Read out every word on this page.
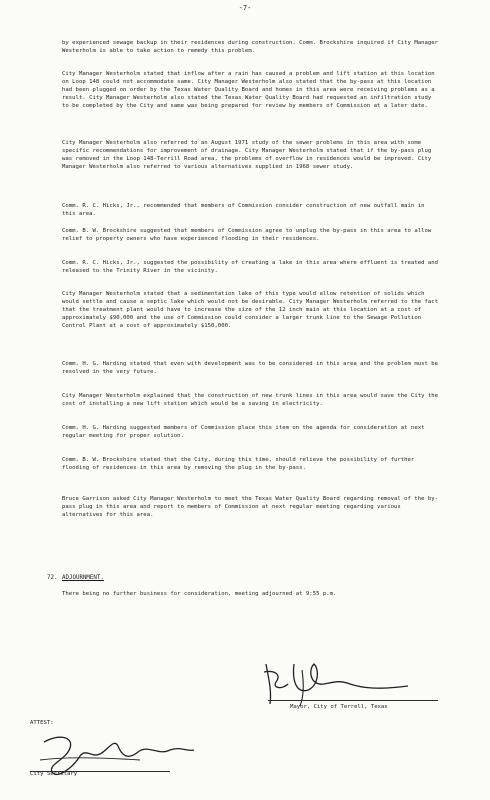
-7-

by experienced sewage backup in their residences during construction. Comm. Brockshire inquired if City Manager Westerholm is able to take action to remedy this problem.

City Manager Westerholm stated that inflow after a rain has caused a problem and lift station at this location on Loop 148 could not accommodate same. City Manager Westerholm also stated that the by-pass at this location had been plugged on order by the Texas Water Quality Board and homes in this area were receiving problems as a result. City Manager Westerholm also stated the Texas Water Quality Board had requested an infiltration study to be completed by the City and same was being prepared for review by members of Commission at a later date.

City Manager Westerholm also referred to an August 1971 study of the sewer problems in this area with some specific recommendations for improvement of drainage. City Manager Westerholm stated that if the by-pass plug was removed in the Loop 148-Terrill Road area, the problems of overflow in residences would be improved. City Manager Westerholm also referred to various alternatives supplied in 1968 sewer study.

Comm. R. C. Hicks, Jr., recommended that members of Commission consider construction of new outfall main in this area.

Comm. B. W. Brockshire suggested that members of Commission agree to unplug the by-pass in this area to allow relief to property owners who have experienced flooding in their residences.

Comm. R. C. Hicks, Jr., suggested the possibility of creating a lake in this area where effluent is treated and released to the Trinity River in the vicinity.

City Manager Westerholm stated that a sedimentation lake of this type would allow retention of solids which would settle and cause a septic lake which would not be desirable. City Manager Westerholm referred to the fact that the treatment plant would have to increase the size of the 12 inch main at this location at a cost of approximately $90,000 and the use of Commission could consider a larger trunk line to the Sewage Pollution Control Plant at a cost of approximately $150,000.

Comm. H. G. Harding stated that even with development was to be considered in this area and the problem must be resolved in the very future.

City Manager Westerholm explained that the construction of new trunk lines in this area would save the City the cost of installing a new lift station which would be a saving in electricity.

Comm. H. G. Harding suggested members of Commission place this item on the agenda for consideration at next regular meeting for proper solution.

Comm. B. W. Brockshire stated that the City, during this time, should relieve the possibility of further flooding of residences in this area by removing the plug in the by-pass.

Bruce Garrison asked City Manager Westerholm to meet the Texas Water Quality Board regarding removal of the by-pass plug in this area and report to members of Commission at next regular meeting regarding various alternatives for this area.

72. ADJOURNMENT.

There being no further business for consideration, meeting adjourned at 9:55 p.m.

Mayor, City of Terrell, Texas
ATTEST:
City Secretary
